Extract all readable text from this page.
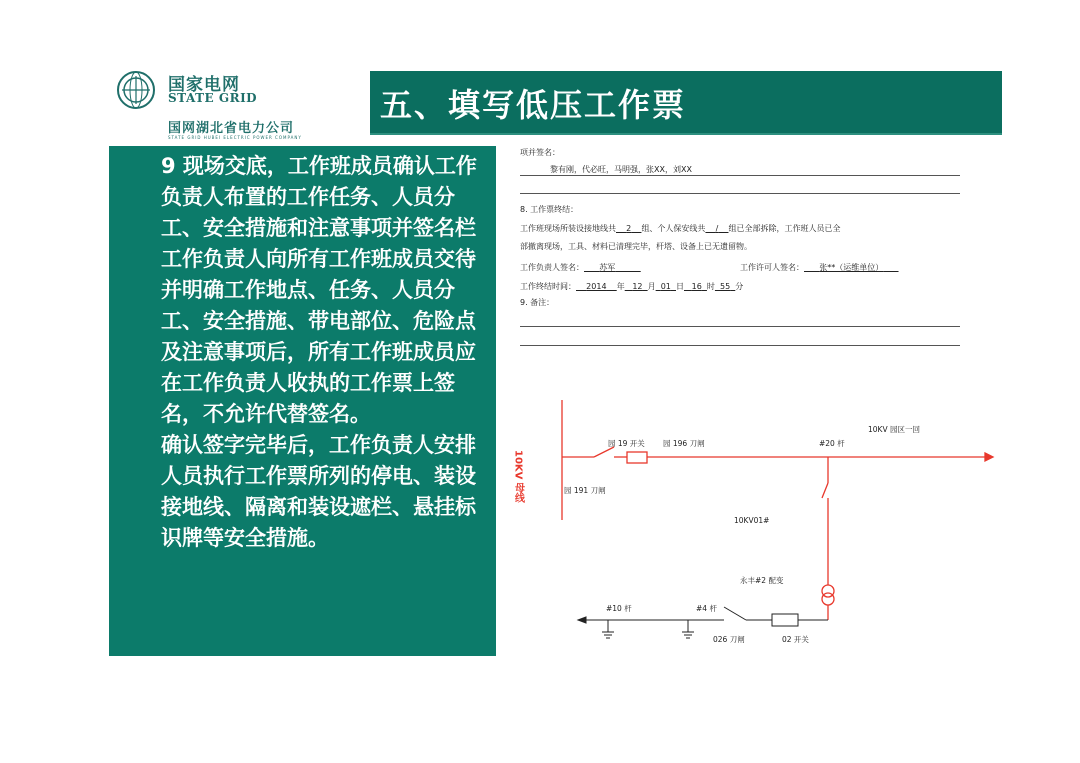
国家电网
STATE GRID
国网湖北省电力公司
STATE GRID HUBEI ELECTRIC POWER COMPANY
五、填写低压工作票

9 现场交底，工作班成员确认工作负责人布置的工作任务、人员分工、安全措施和注意事项并签名栏

工作负责人向所有工作班成员交待并明确工作地点、任务、人员分工、安全措施、带电部位、危险点及注意事项后，所有工作班成员应在工作负责人收执的工作票上签名，不允许代替签名。

确认签字完毕后，工作负责人安排人员执行工作票所列的停电、装设接地线、隔离和装设遮栏、悬挂标识牌等安全措施。

项并签名：
黎有刚，代必旺，马明强，张XX，刘XX
8. 工作票终结：
工作班现场所装设接地线共 2 组、个人保安线共 / 组已全部拆除，工作班人员已全
部撤离现场，工具、材料已清理完毕，杆塔、设备上已无遗留物。
工作负责人签名： 苏军	工作许可人签名： 张**（运维单位）
工作终结时间： 2014 年 12 月 01 日 16 时 55 分
9. 备注：
10KV 母线
园 19 开关 园 196 刀闸
园 191 刀闸
#20 杆
10KV 园区一回
10KV01#
永丰#2 配变
#10 杆	#4 杆
026 刀闸	02 开关
